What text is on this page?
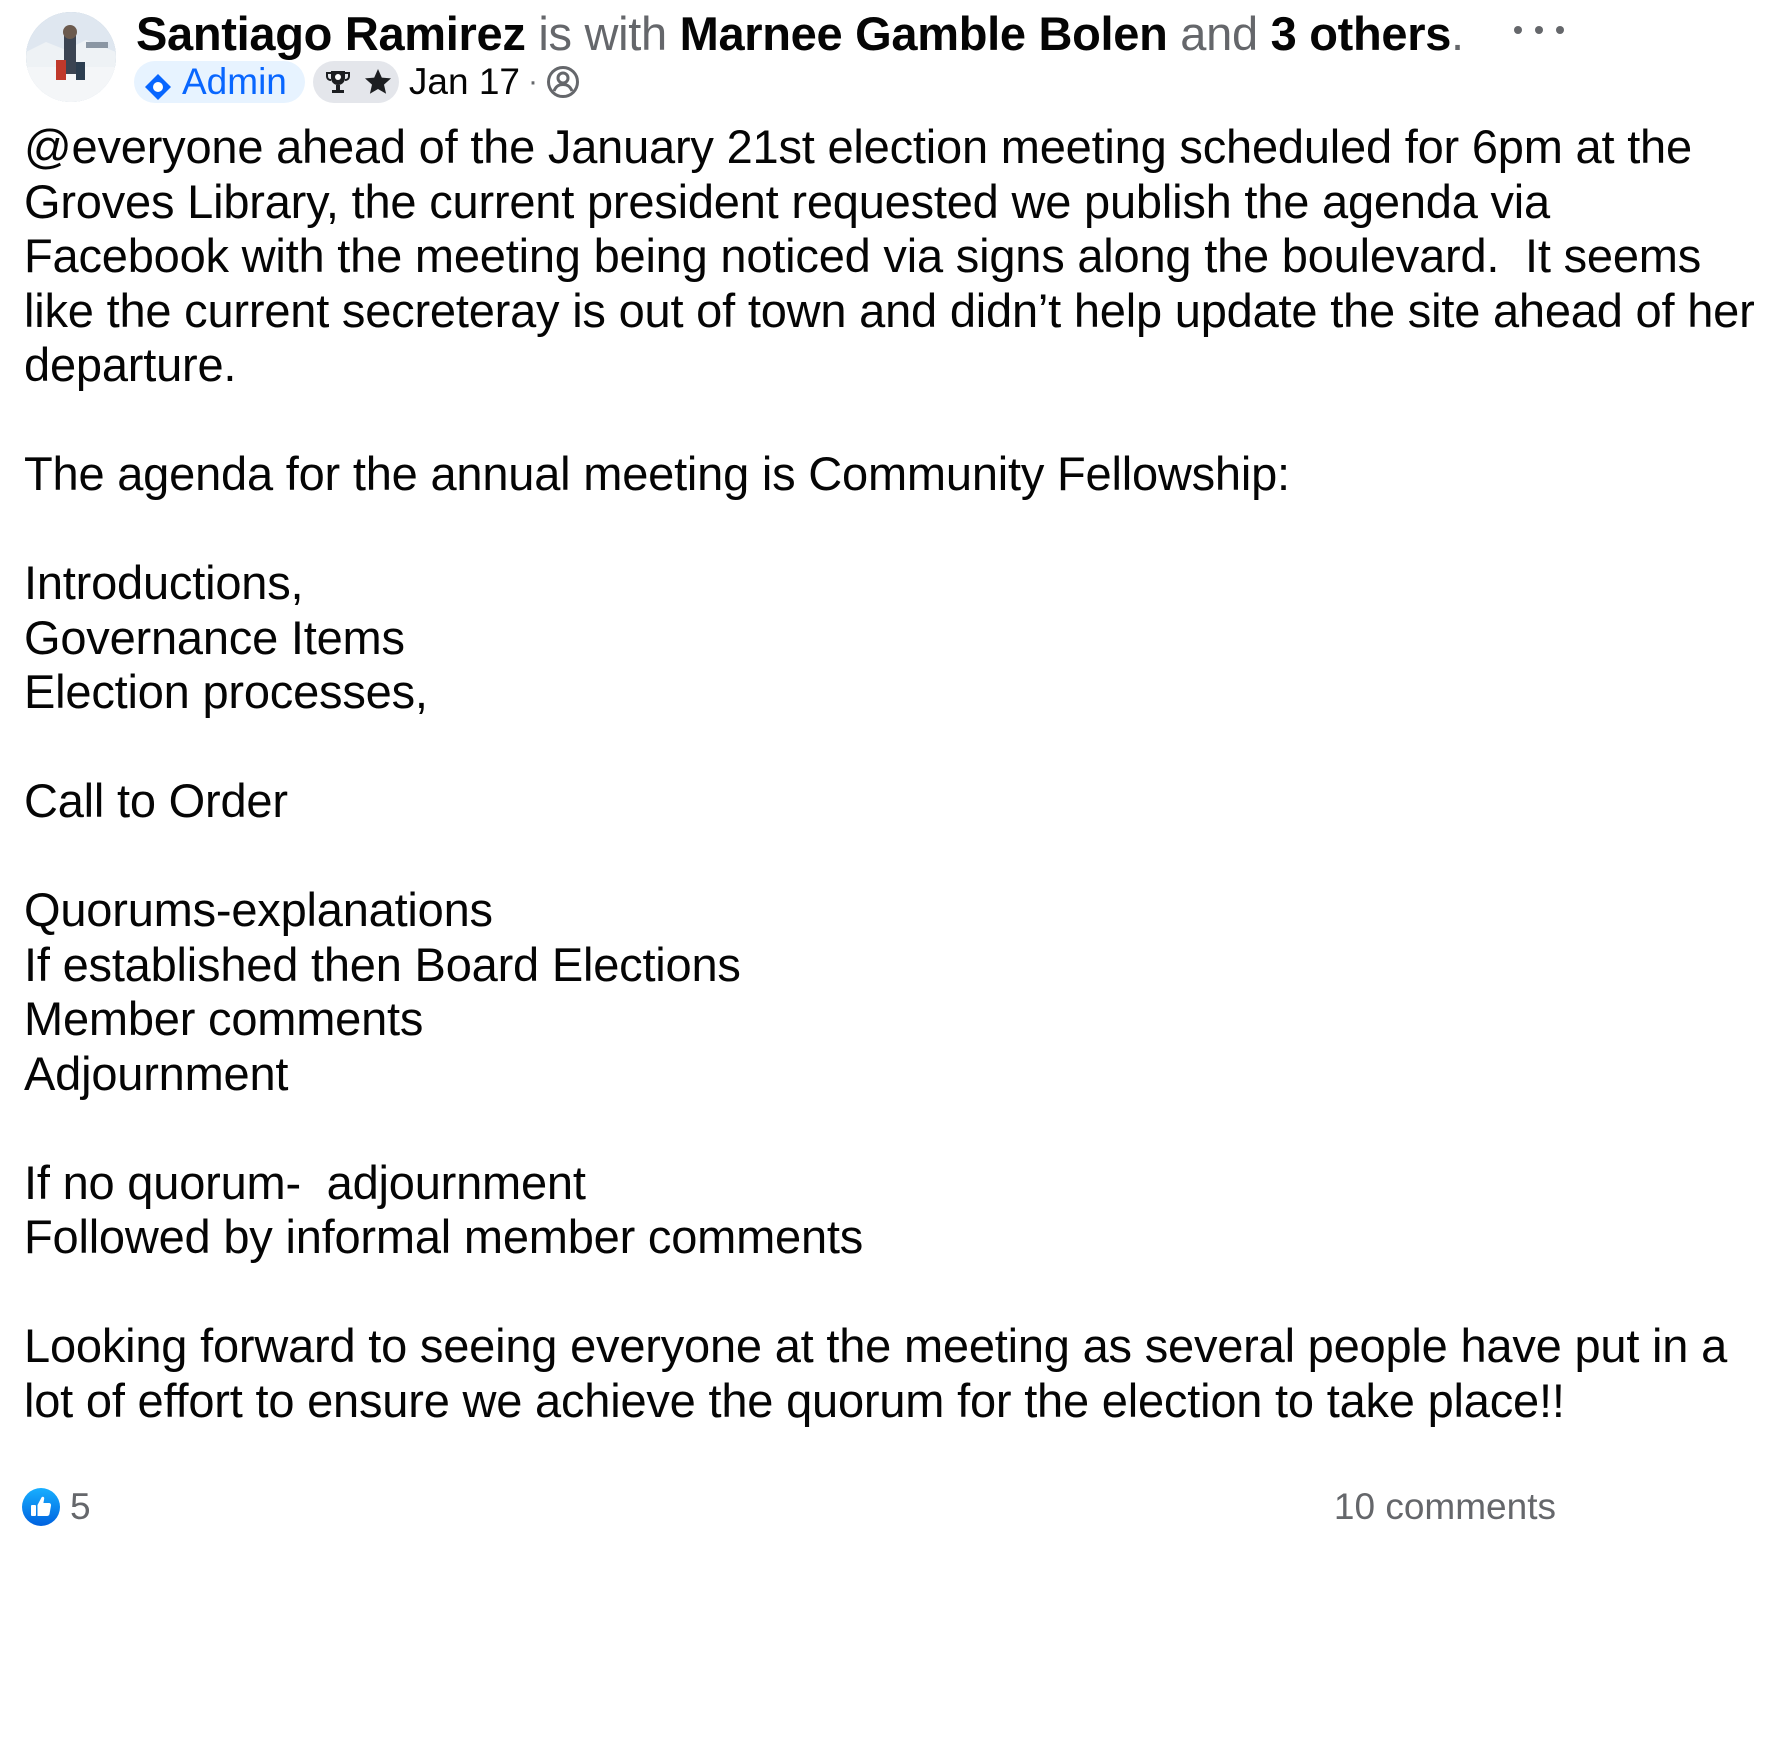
Santiago Ramirez is with Marnee Gamble Bolen and 3 others.
Admin	Jan 17 ·

@everyone ahead of the January 21st election meeting scheduled for 6pm at the Groves Library, the current president requested we publish the agenda via Facebook with the meeting being noticed via signs along the boulevard.  It seems like the current secreteray is out of town and didn’t help update the site ahead of her departure.

The agenda for the annual meeting is Community Fellowship:

Introductions,

Governance Items

Election processes,

Call to Order

Quorums-explanations

If established then Board Elections

Member comments

Adjournment

If no quorum-  adjournment

Followed by informal member comments

Looking forward to seeing everyone at the meeting as several people have put in a lot of effort to ensure we achieve the quorum for the election to take place!!

5	10 comments
